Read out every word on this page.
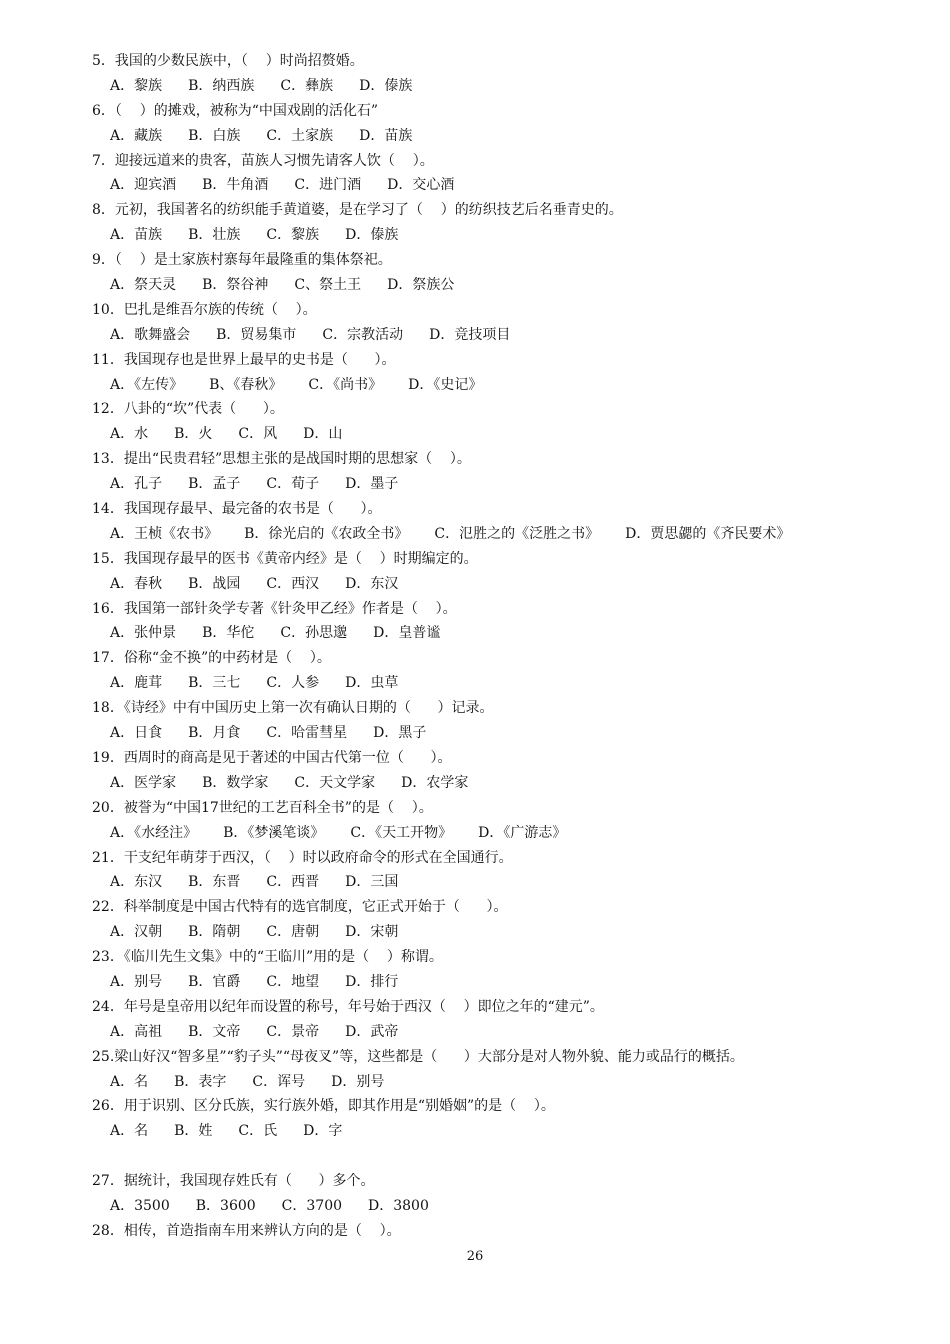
5．我国的少数民族中，（    ）时尚招赘婚。
A．黎族 B．纳西族 C．彝族 D．傣族
6．（    ）的摊戏，被称为“中国戏剧的活化石”
A．藏族 B．白族 C．土家族 D．苗族
7．迎接远道来的贵客，苗族人习惯先请客人饮（    ）。
A．迎宾酒 B．牛角酒 C．进门酒 D．交心酒
8．元初，我国著名的纺织能手黄道婆，是在学习了（    ）的纺织技艺后名垂青史的。
A．苗族 B．壮族 C．黎族 D．傣族
9．（    ）是土家族村寨每年最隆重的集体祭祀。
A．祭天灵 B．祭谷神 C、祭土王 D．祭族公
10．巴扎是维吾尔族的传统（    ）。
A．歌舞盛会 B．贸易集市 C．宗教活动 D．竞技项目
11．我国现存也是世界上最早的史书是（      ）。
A．《左传》 B、《春秋》 C．《尚书》 D．《史记》
12．八卦的“坎”代表（      ）。
A．水 B．火 C．风 D．山
13．提出“民贵君轻”思想主张的是战国时期的思想家（    ）。
A．孔子 B．孟子 C．荀子 D．墨子
14．我国现存最早、最完备的农书是（      ）。
A．王桢《农书》 B．徐光启的《农政全书》 C．氾胜之的《泛胜之书》 D．贾思勰的《齐民要术》
15．我国现存最早的医书《黄帝内经》是（    ）时期编定的。
A．春秋 B．战园 C．西汉 D．东汉
16．我国第一部针灸学专著《针灸甲乙经》作者是（    ）。
A．张仲景 B．华佗 C．孙思邈 D．皇普谧
17．俗称“金不换”的中药材是（    ）。
A．鹿茸 B．三七 C．人参 D．虫草
18．《诗经》中有中国历史上第一次有确认日期的（      ）记录。
A．日食 B．月食 C．哈雷彗星 D．黑子
19．西周时的商高是见于著述的中国古代第一位（      ）。
A．医学家 B．数学家 C．天文学家 D．农学家
20．被誉为“中国17世纪的工艺百科全书”的是（    ）。
A．《水经注》 B．《梦溪笔谈》 C．《天工开物》 D．《广游志》
21．干支纪年萌芽于西汉，（    ）时以政府命令的形式在全国通行。
A．东汉 B．东晋 C．西晋 D．三国
22．科举制度是中国古代特有的选官制度，它正式开始于（      ）。
A．汉朝 B．隋朝 C．唐朝 D．宋朝
23．《临川先生文集》中的“王临川”用的是（    ）称谓。
A．别号 B．官爵 C．地望 D．排行
24．年号是皇帝用以纪年而设置的称号，年号始于西汉（    ）即位之年的“建元”。
A．高祖 B．文帝 C．景帝 D．武帝
25.梁山好汉“智多星”“豹子头”“母夜叉”等，这些都是（      ）大部分是对人物外貌、能力或品行的概括。
A．名 B．表字 C．诨号 D．别号
26．用于识别、区分氏族，实行族外婚，即其作用是“别婚姻”的是（    ）。
A．名 B．姓 C．氏 D．字
27．据统计，我国现存姓氏有（      ）多个。
A．3500 B．3600 C．3700 D．3800
28．相传，首造指南车用来辨认方向的是（    ）。
26
